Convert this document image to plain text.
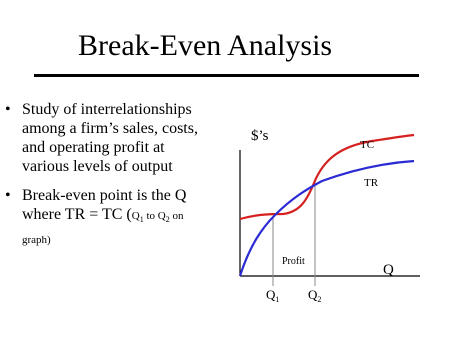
Break-Even Analysis
• Study of interrelationships among a firm’s sales, costs, and operating profit at various levels of output
• Break-even point is the Q where TR = TC ($Q_1$ to $Q_2$ on graph)
$’s
TC
TR
Profit
Q
$Q_1$ $Q_2$
